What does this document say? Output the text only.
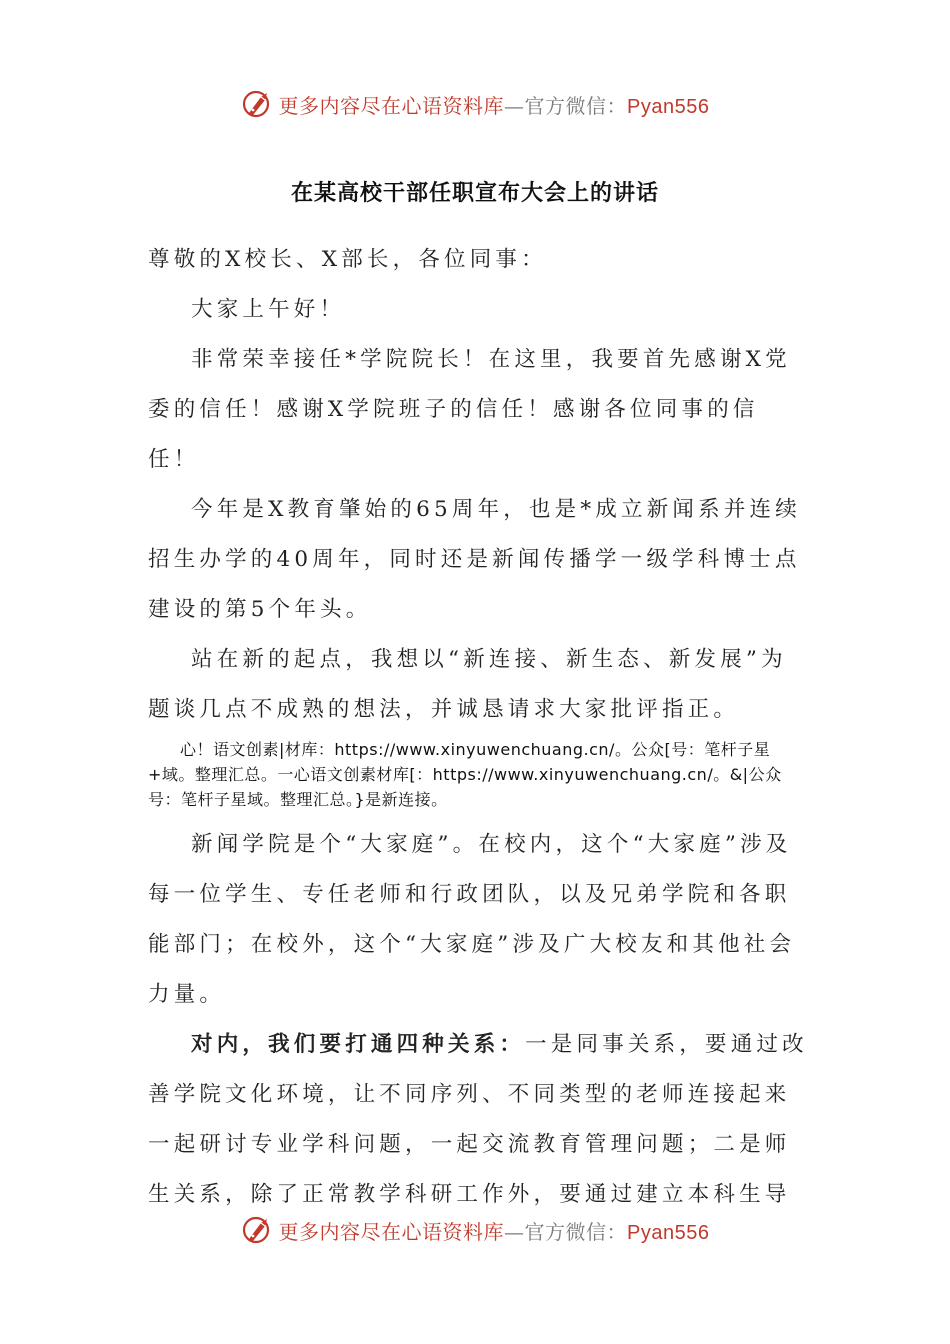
更多内容尽在心语资料库—官方微信：Pyan556
在某高校干部任职宣布大会上的讲话

尊敬的X校长、X部长，各位同事：

大家上午好！

非常荣幸接任*学院院长！在这里，我要首先感谢X党委的信任！感谢X学院班子的信任！感谢各位同事的信任！

今年是X教育肇始的65周年，也是*成立新闻系并连续招生办学的40周年，同时还是新闻传播学一级学科博士点建设的第5个年头。

站在新的起点，我想以“新连接、新生态、新发展”为题谈几点不成熟的想法，并诚恳请求大家批评指正。

心！语文创素|材库：https://www.xinyuwenchuang.cn/。公众[号：笔杆子星+域。整理汇总。一心语文创素材库[：https://www.xinyuwenchuang.cn/。&|公众号：笔杆子星域。整理汇总。}是新连接。

新闻学院是个“大家庭”。在校内，这个“大家庭”涉及每一位学生、专任老师和行政团队，以及兄弟学院和各职能部门；在校外，这个“大家庭”涉及广大校友和其他社会力量。

对内，我们要打通四种关系：一是同事关系，要通过改善学院文化环境，让不同序列、不同类型的老师连接起来一起研讨专业学科问题，一起交流教育管理问题；二是师生关系，除了正常教学科研工作外，要通过建立本科生导

更多内容尽在心语资料库—官方微信：Pyan556
